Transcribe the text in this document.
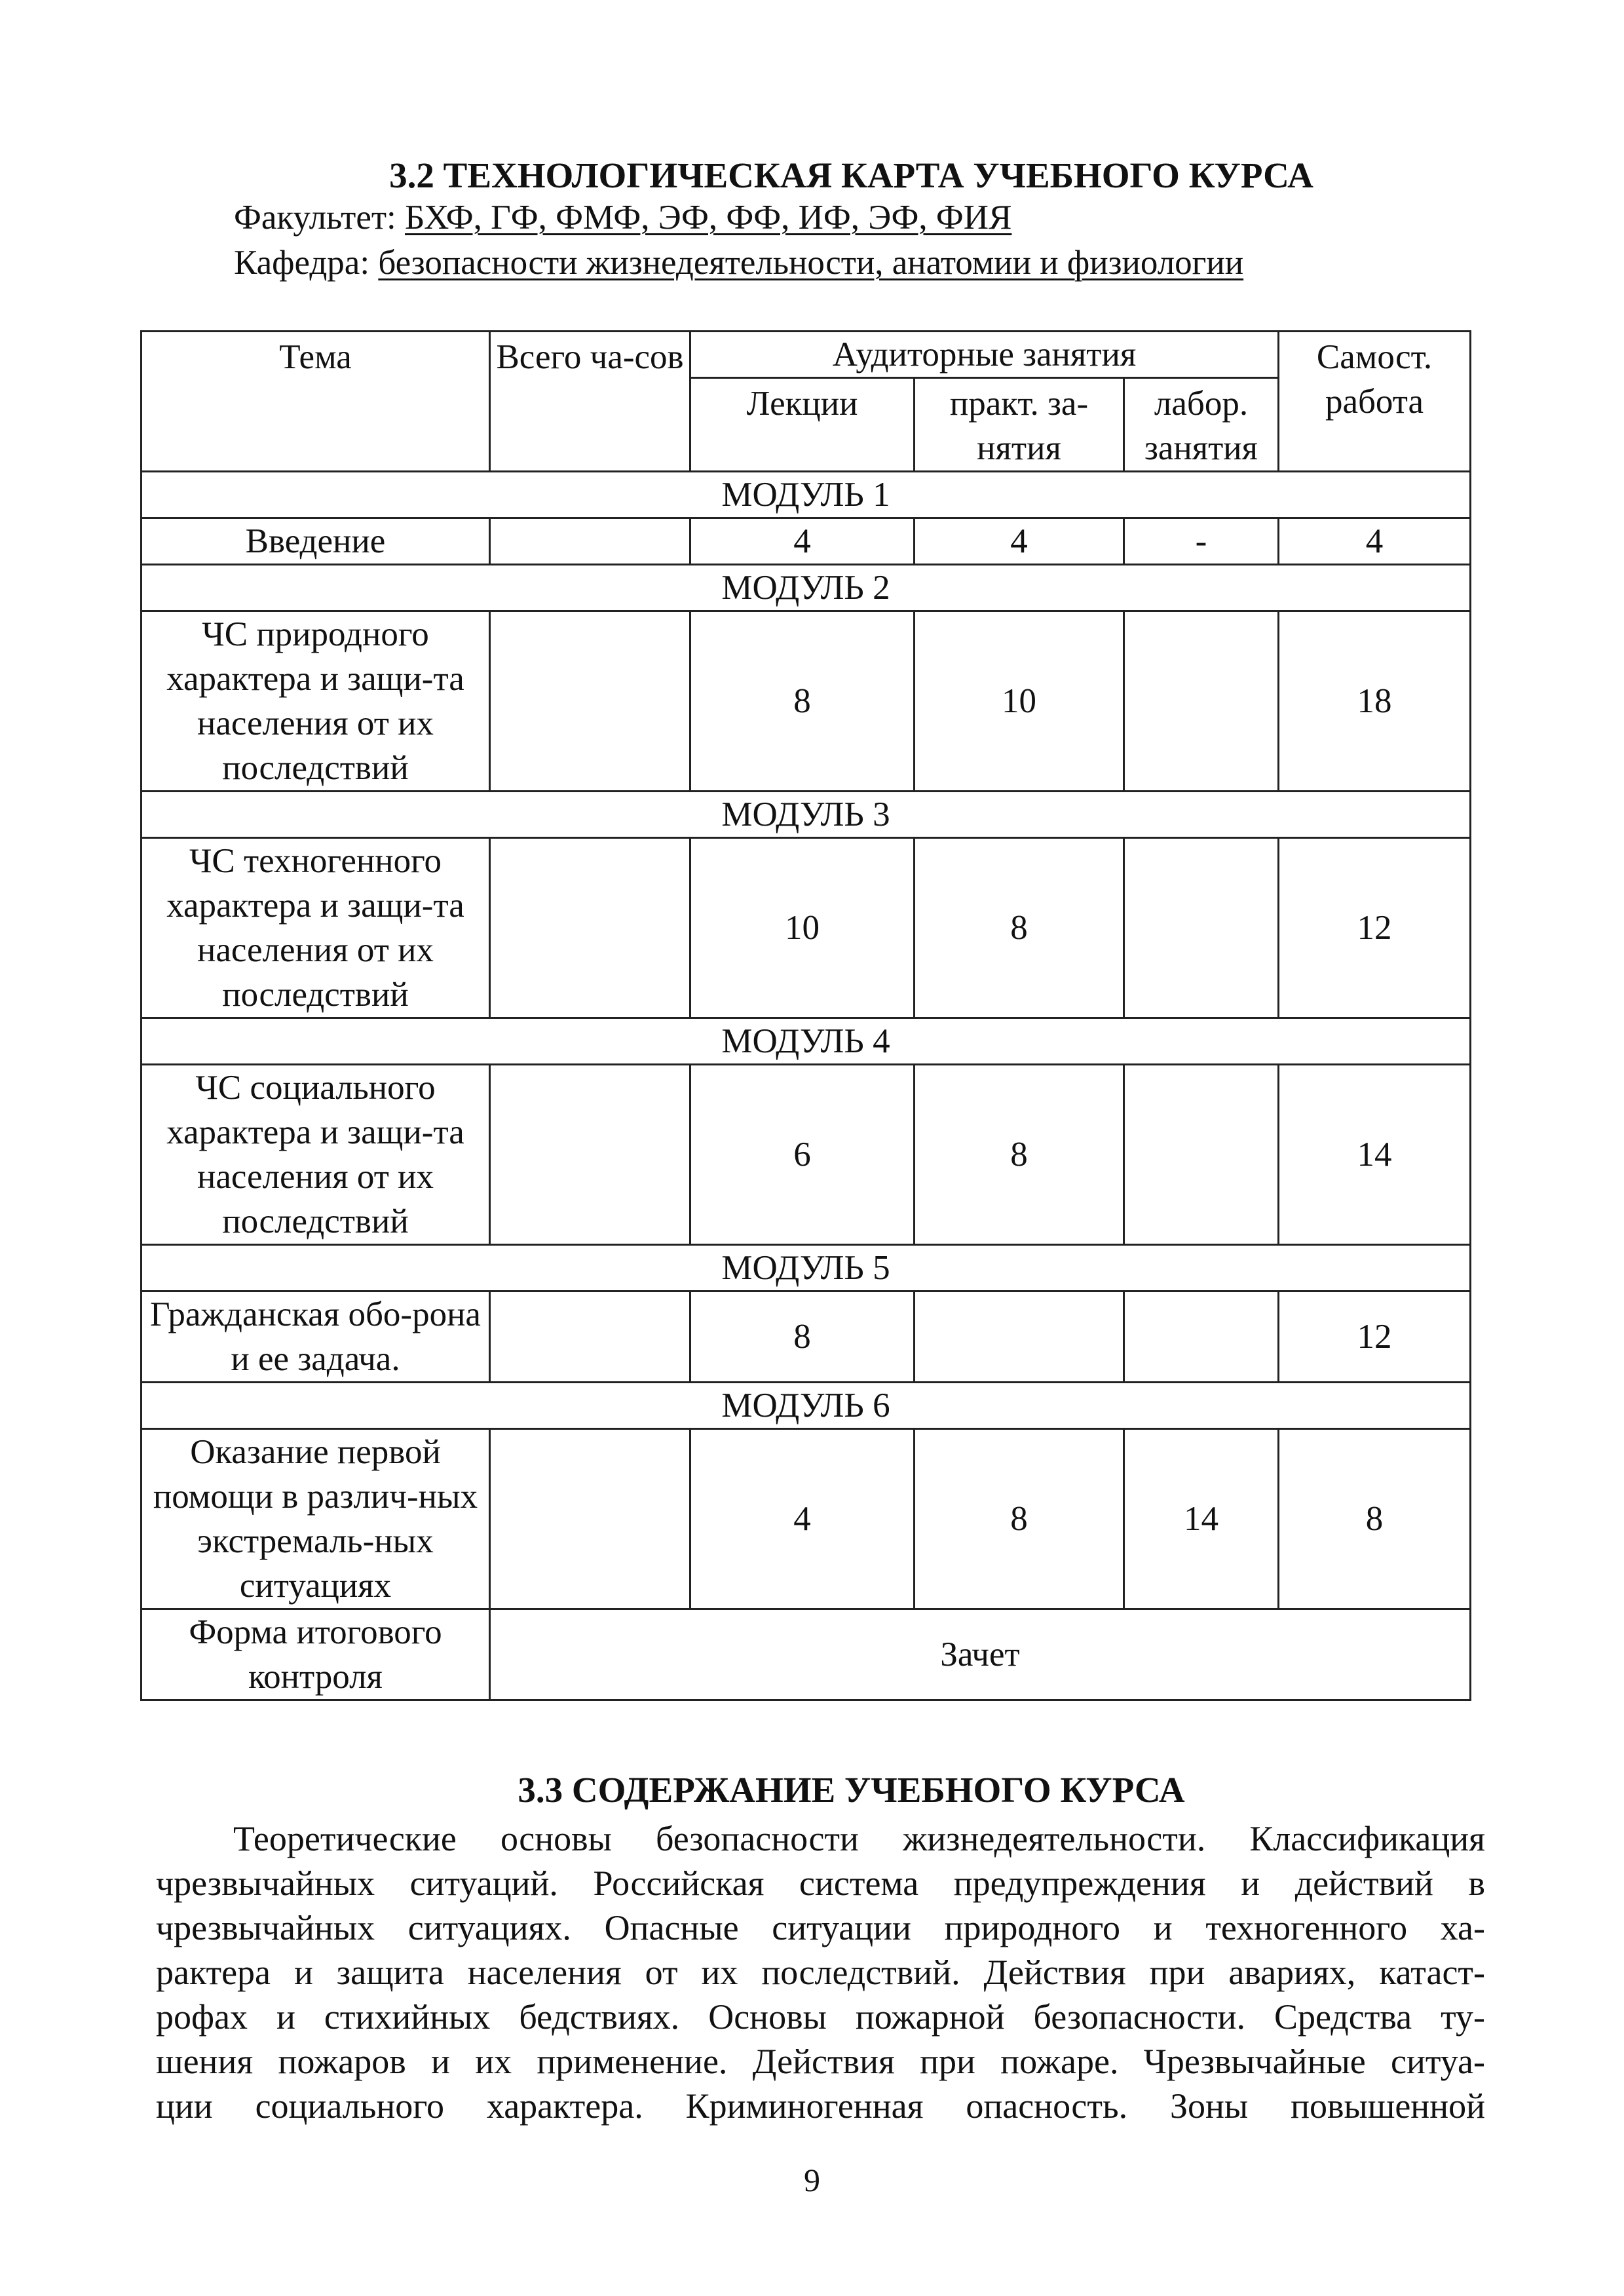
3.2 ТЕХНОЛОГИЧЕСКАЯ КАРТА УЧЕБНОГО КУРСА
Факультет: БХФ, ГФ, ФМФ, ЭФ, ФФ, ИФ, ЭФ, ФИЯ
Кафедра: безопасности жизнедеятельности, анатомии и физиологии
Тема	Всего ча-сов	Аудиторные занятия			Самост. работа
		Лекции	практ. за-нятия	лабор. занятия	
МОДУЛЬ 1					
Введение		4	4	-	4
МОДУЛЬ 2					
ЧС природного характера и защи-та населения от их последствий		8	10		18
МОДУЛЬ 3					
ЧС техногенного характера и защи-та населения от их последствий		10	8		12
МОДУЛЬ 4					
ЧС социального характера и защи-та населения от их последствий		6	8		14
МОДУЛЬ 5					
Гражданская обо-рона и ее задача.		8			12
МОДУЛЬ 6					
Оказание первой помощи в различ-ных экстремаль-ных ситуациях		4	8	14	8
Форма итогового контроля	Зачет				
3.3 СОДЕРЖАНИЕ УЧЕБНОГО КУРСА
Теоретические основы безопасности жизнедеятельности. Классификация
чрезвычайных ситуаций. Российская система предупреждения и действий в
чрезвычайных ситуациях. Опасные ситуации природного и техногенного ха-
рактера и защита населения от их последствий. Действия при авариях, катаст-
рофах и стихийных бедствиях. Основы пожарной безопасности. Средства ту-
шения пожаров и их применение. Действия при пожаре. Чрезвычайные ситуа-
ции социального характера. Криминогенная опасность. Зоны повышенной
9
